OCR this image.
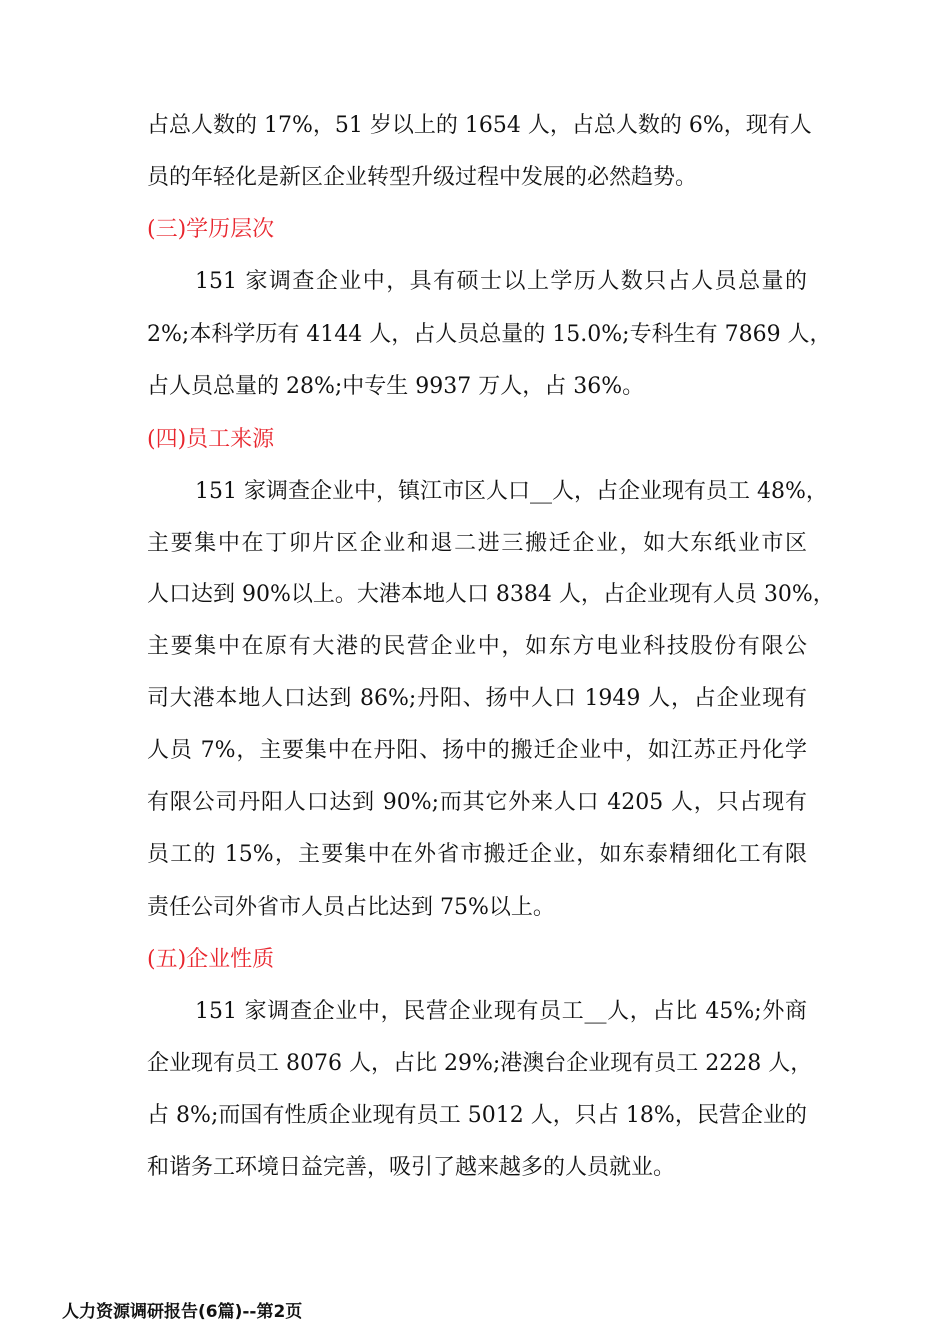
占总人数的 17%，51 岁以上的 1654 人，占总人数的 6%，现有人
员的年轻化是新区企业转型升级过程中发展的必然趋势。
(三)学历层次
151 家调查企业中，具有硕士以上学历人数只占人员总量的
2%;本科学历有 4144 人，占人员总量的 15.0%;专科生有 7869 人，
占人员总量的 28%;中专生 9937 万人，占 36%。
(四)员工来源
151 家调查企业中，镇江市区人口__人，占企业现有员工 48%，
主要集中在丁卯片区企业和退二进三搬迁企业，如大东纸业市区
人口达到 90%以上。大港本地人口 8384 人，占企业现有人员 30%，
主要集中在原有大港的民营企业中，如东方电业科技股份有限公
司大港本地人口达到 86%;丹阳、扬中人口 1949 人，占企业现有
人员 7%，主要集中在丹阳、扬中的搬迁企业中，如江苏正丹化学
有限公司丹阳人口达到 90%;而其它外来人口 4205 人，只占现有
员工的 15%，主要集中在外省市搬迁企业，如东泰精细化工有限
责任公司外省市人员占比达到 75%以上。
(五)企业性质
151 家调查企业中，民营企业现有员工__人，占比 45%;外商
企业现有员工 8076 人，占比 29%;港澳台企业现有员工 2228 人，
占 8%;而国有性质企业现有员工 5012 人，只占 18%，民营企业的
和谐务工环境日益完善，吸引了越来越多的人员就业。
人力资源调研报告(6篇)--第2页
